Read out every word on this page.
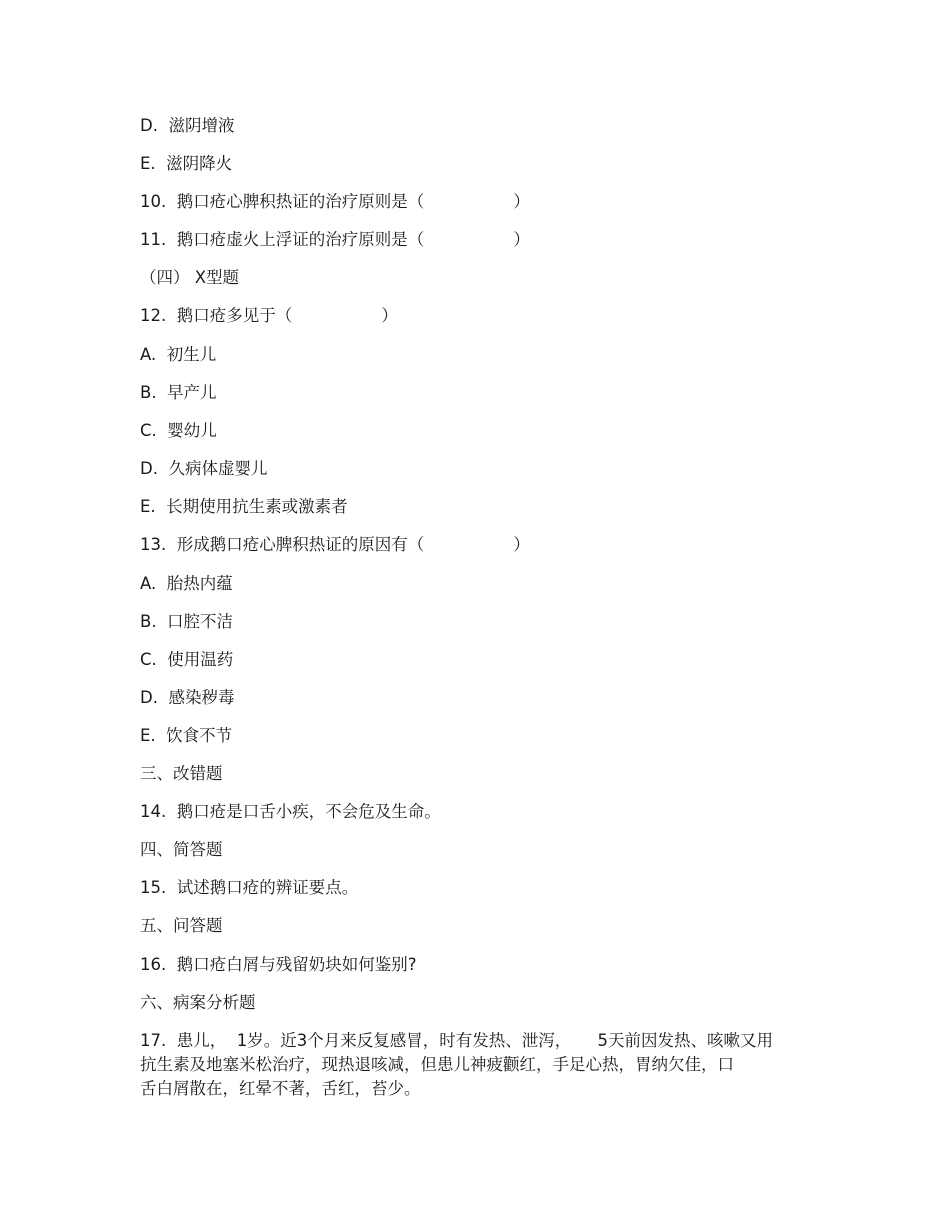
D.  滋阴增液
E.  滋阴降火
10.  鹅口疮心脾积热证的治疗原则是（                 ）
11.  鹅口疮虚火上浮证的治疗原则是（                 ）
（四） X型题
12.  鹅口疮多见于（                 ）
A.  初生儿
B.  早产儿
C.  婴幼儿
D.  久病体虚婴儿
E.  长期使用抗生素或激素者
13.  形成鹅口疮心脾积热证的原因有（                 ）
A.  胎热内蕴
B.  口腔不洁
C.  使用温药
D.  感染秽毒
E.  饮食不节
三、改错题
14.  鹅口疮是口舌小疾，不会危及生命。
四、简答题
15.  试述鹅口疮的辨证要点。
五、问答题
16.  鹅口疮白屑与残留奶块如何鉴别?
六、病案分析题
17.  患儿，  1岁。近3个月来反复感冒，时有发热、泄泻，     5天前因发热、咳嗽又用
抗生素及地塞米松治疗，现热退咳减，但患儿神疲颧红，手足心热，胃纳欠佳，口
舌白屑散在，红晕不著，舌红，苔少。
